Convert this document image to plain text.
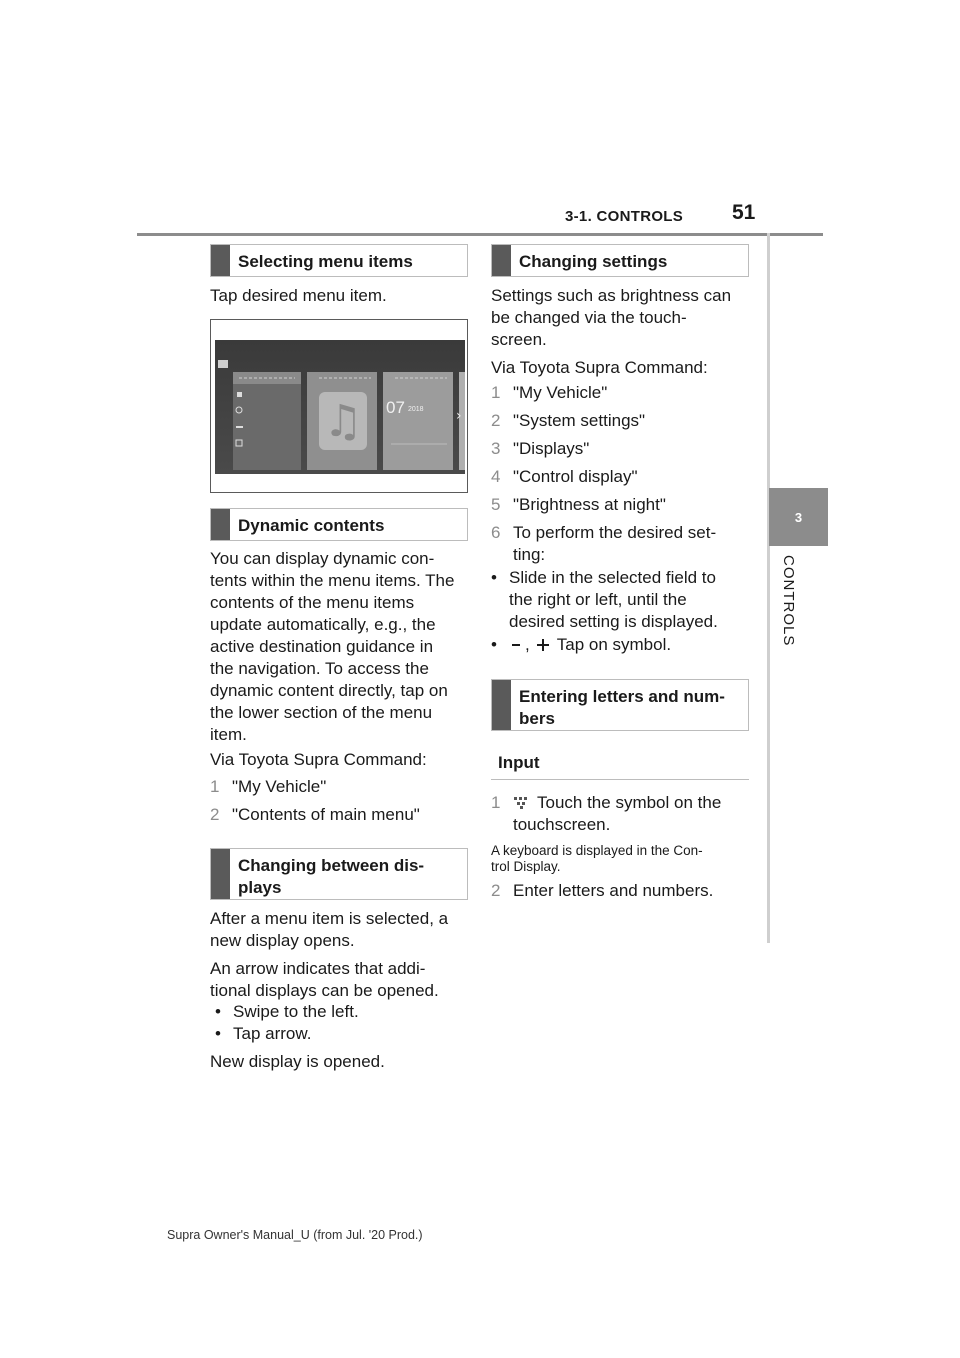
3-1. CONTROLS 51
3
CONTROLS
Selecting menu items
Tap desired menu item.
♫	›
07 2018
Dynamic contents
You can display dynamic con-
tents within the menu items. The
contents of the menu items
update automatically, e.g., the
active destination guidance in
the navigation. To access the
dynamic content directly, tap on
the lower section of the menu
item.
Via Toyota Supra Command:
1 "My Vehicle"
2 "Contents of main menu"
Changing between dis-
plays
After a menu item is selected, a
new display opens.
An arrow indicates that addi-
tional displays can be opened.
• Swipe to the left.
• Tap arrow.
New display is opened.
Changing settings
Settings such as brightness can
be changed via the touch-
screen.
Via Toyota Supra Command:
1 "My Vehicle"
2 "System settings"
3 "Displays"
4 "Control display"
5 "Brightness at night"
6 To perform the desired set-
ting:
• Slide in the selected field to
the right or left, until the
desired setting is displayed.
• , Tap on symbol.
Entering letters and num-
bers
Input
1 Touch the symbol on the
touchscreen.
A keyboard is displayed in the Con-
trol Display.
2 Enter letters and numbers.
Supra Owner's Manual_U (from Jul. '20 Prod.)
